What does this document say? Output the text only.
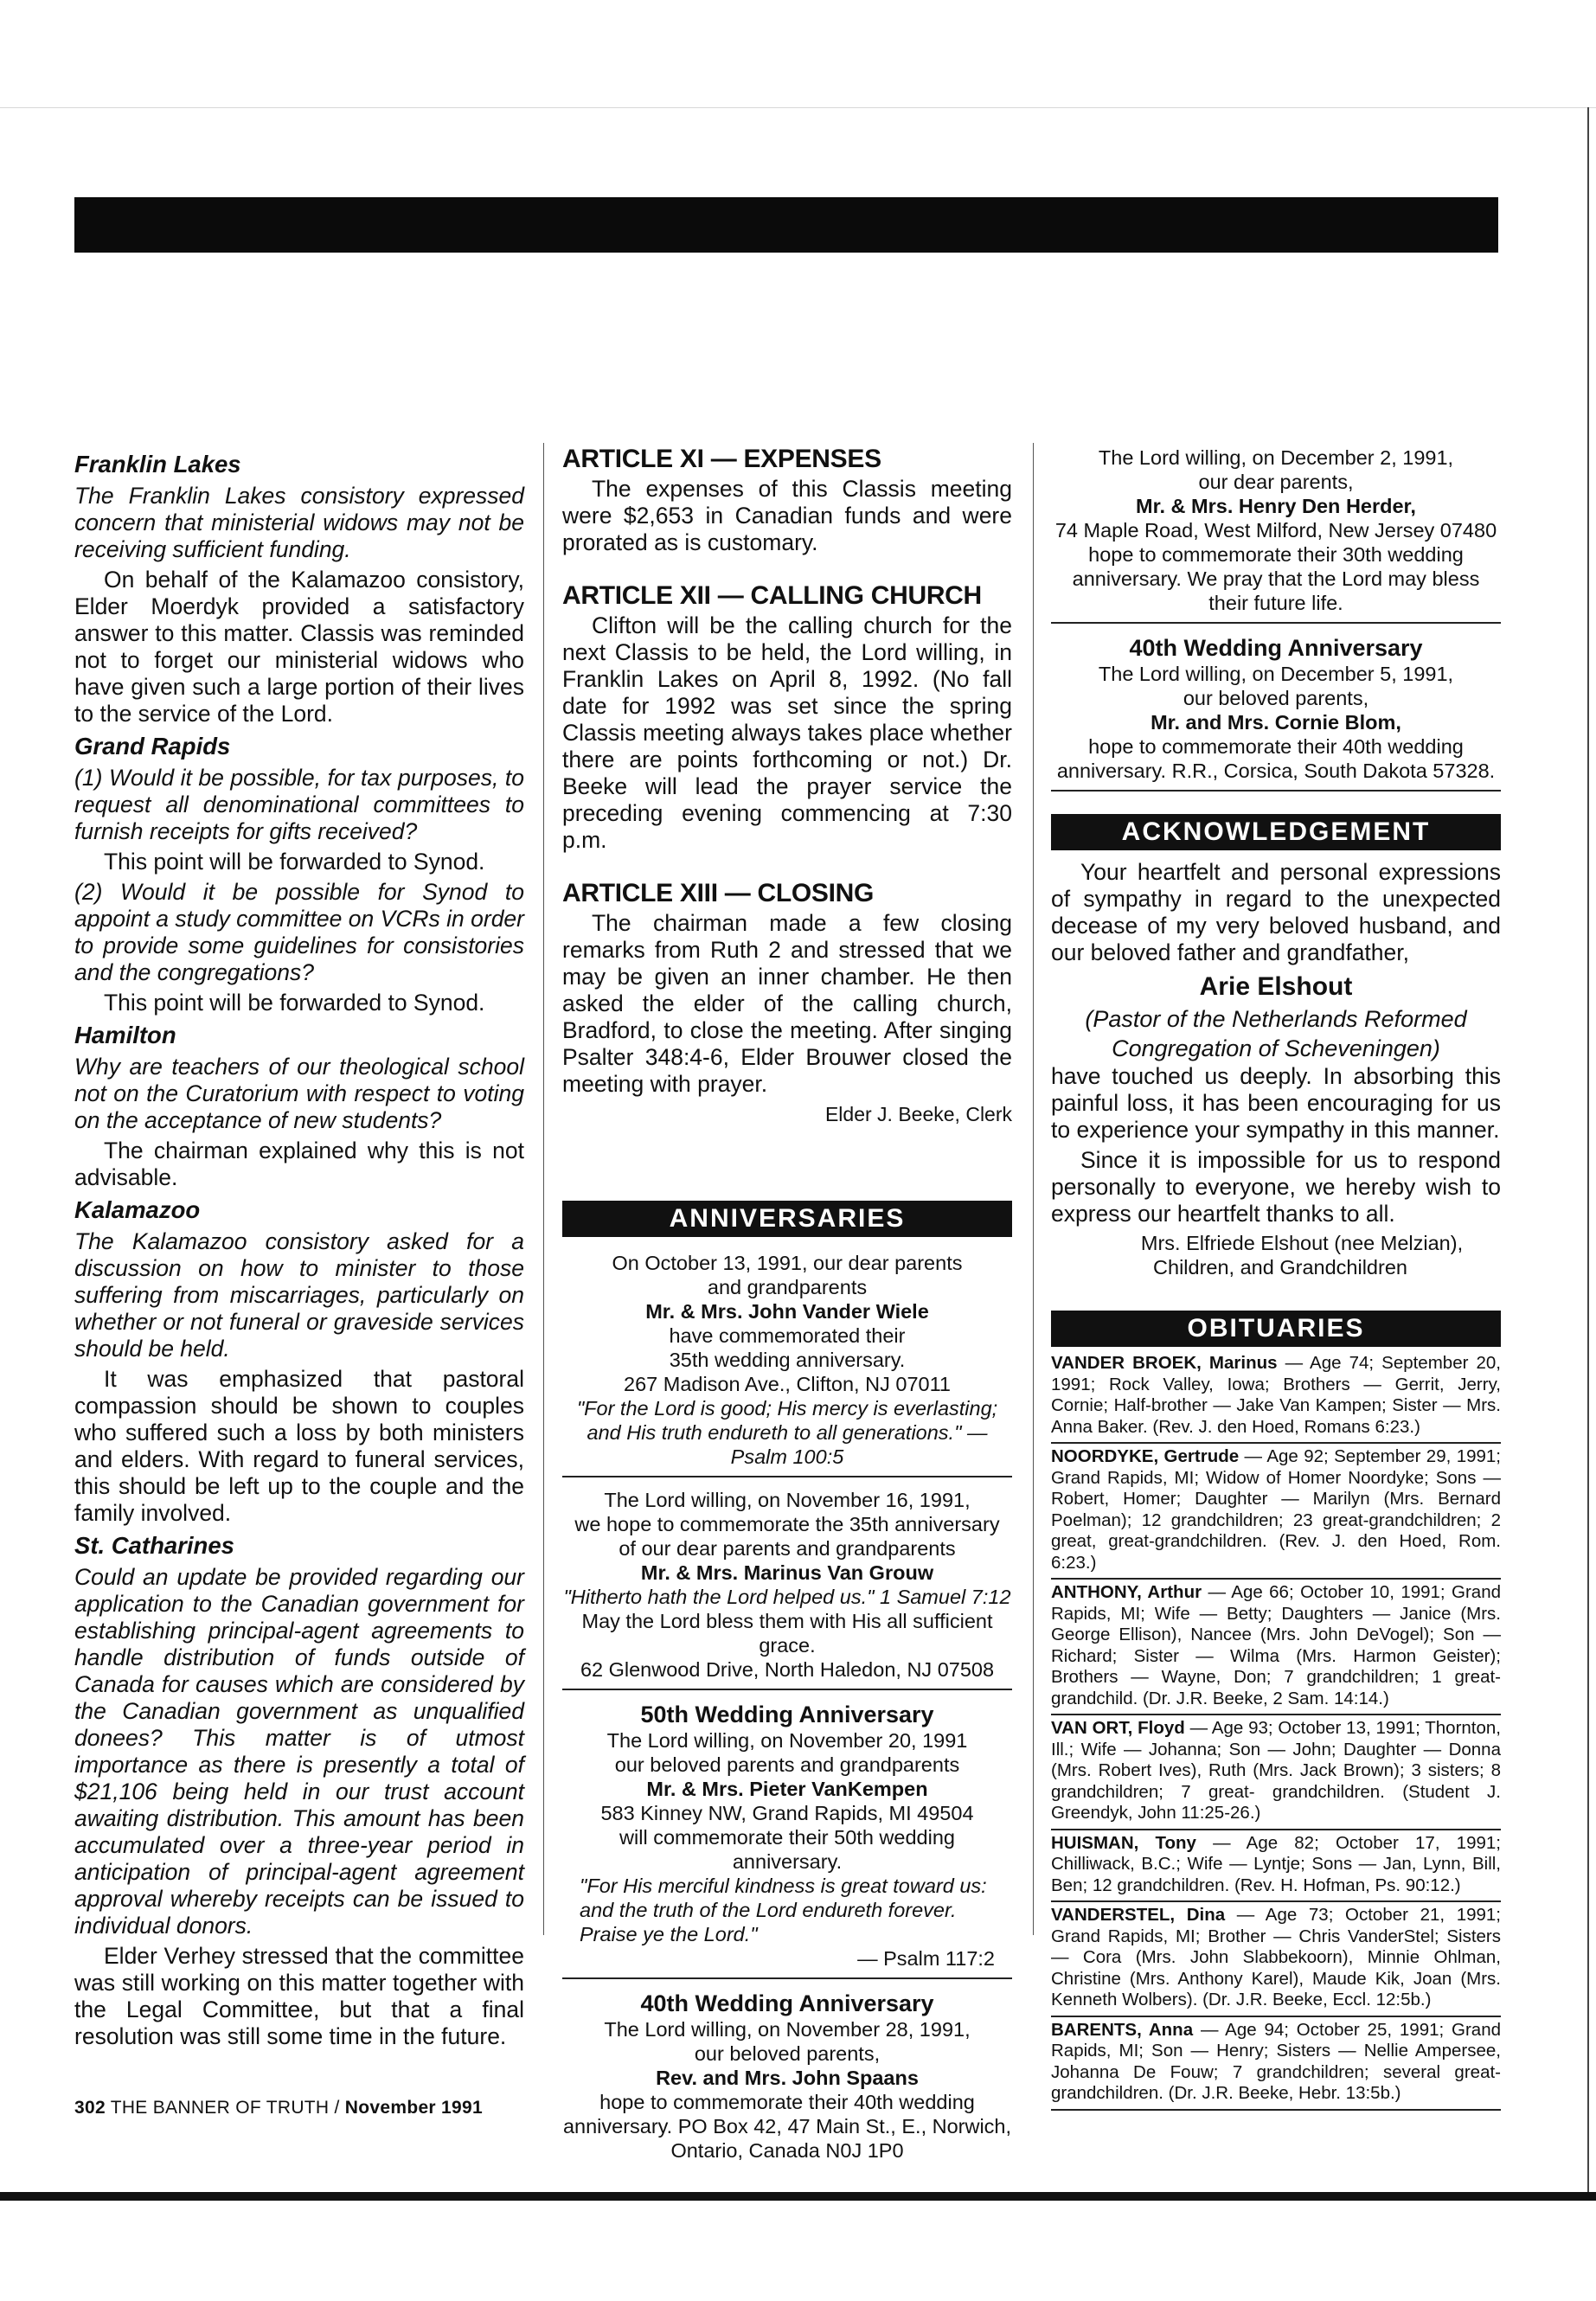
Franklin Lakes

The Franklin Lakes consistory expressed concern that ministerial widows may not be receiving sufficient funding.

On behalf of the Kalamazoo consistory, Elder Moerdyk provided a satisfactory answer to this matter. Classis was reminded not to forget our ministerial widows who have given such a large portion of their lives to the service of the Lord.

Grand Rapids

(1) Would it be possible, for tax purposes, to request all denominational committees to furnish receipts for gifts received?

This point will be forwarded to Synod.

(2) Would it be possible for Synod to appoint a study committee on VCRs in order to provide some guidelines for consistories and the congregations?

This point will be forwarded to Synod.

Hamilton

Why are teachers of our theological school not on the Curatorium with respect to voting on the acceptance of new students?

The chairman explained why this is not advisable.

Kalamazoo

The Kalamazoo consistory asked for a discussion on how to minister to those suffering from miscarriages, particularly on whether or not funeral or graveside services should be held.

It was emphasized that pastoral compassion should be shown to couples who suffered such a loss by both ministers and elders. With regard to funeral services, this should be left up to the couple and the family involved.

St. Catharines

Could an update be provided regarding our application to the Canadian government for establishing principal-agent agreements to handle distribution of funds outside of Canada for causes which are considered by the Canadian government as unqualified donees? This matter is of utmost importance as there is presently a total of $21,106 being held in our trust account awaiting distribution. This amount has been accumulated over a three-year period in anticipation of principal-agent agreement approval whereby receipts can be issued to individual donors.

Elder Verhey stressed that the committee was still working on this matter together with the Legal Committee, but that a final resolution was still some time in the future.

ARTICLE XI — EXPENSES

The expenses of this Classis meeting were $2,653 in Canadian funds and were prorated as is customary.

ARTICLE XII — CALLING CHURCH

Clifton will be the calling church for the next Classis to be held, the Lord willing, in Franklin Lakes on April 8, 1992. (No fall date for 1992 was set since the spring Classis meeting always takes place whether there are points forthcoming or not.) Dr. Beeke will lead the prayer service the preceding evening commencing at 7:30 p.m.

ARTICLE XIII — CLOSING

The chairman made a few closing remarks from Ruth 2 and stressed that we may be given an inner chamber. He then asked the elder of the calling church, Bradford, to close the meeting. After singing Psalter 348:4-6, Elder Brouwer closed the meeting with prayer.

Elder J. Beeke, Clerk

ANNIVERSARIES

On October 13, 1991, our dear parents

and grandparents

Mr. & Mrs. John Vander Wiele

have commemorated their

35th wedding anniversary.

267 Madison Ave., Clifton, NJ 07011

"For the Lord is good; His mercy is everlasting; and His truth endureth to all generations." — Psalm 100:5

The Lord willing, on November 16, 1991,

we hope to commemorate the 35th anniversary

of our dear parents and grandparents

Mr. & Mrs. Marinus Van Grouw

"Hitherto hath the Lord helped us." 1 Samuel 7:12

May the Lord bless them with His all sufficient grace.

62 Glenwood Drive, North Haledon, NJ 07508

50th Wedding Anniversary

The Lord willing, on November 20, 1991

our beloved parents and grandparents

Mr. & Mrs. Pieter VanKempen

583 Kinney NW, Grand Rapids, MI 49504

will commemorate their 50th wedding anniversary.

"For His merciful kindness is great toward us: and the truth of the Lord endureth forever. Praise ye the Lord."

— Psalm 117:2

40th Wedding Anniversary

The Lord willing, on November 28, 1991,

our beloved parents,

Rev. and Mrs. John Spaans

hope to commemorate their 40th wedding anniversary. PO Box 42, 47 Main St., E., Norwich, Ontario, Canada N0J 1P0

The Lord willing, on December 2, 1991,

our dear parents,

Mr. & Mrs. Henry Den Herder,

74 Maple Road, West Milford, New Jersey 07480

hope to commemorate their 30th wedding anniversary. We pray that the Lord may bless their future life.

40th Wedding Anniversary

The Lord willing, on December 5, 1991,

our beloved parents,

Mr. and Mrs. Cornie Blom,

hope to commemorate their 40th wedding anniversary. R.R., Corsica, South Dakota 57328.

ACKNOWLEDGEMENT

Your heartfelt and personal expressions of sympathy in regard to the unexpected decease of my very beloved husband, and our beloved father and grandfather,

Arie Elshout
(Pastor of the Netherlands Reformed Congregation of Scheveningen)

have touched us deeply. In absorbing this painful loss, it has been encouraging for us to experience your sympathy in this manner.

Since it is impossible for us to respond personally to everyone, we hereby wish to express our heartfelt thanks to all.

Mrs. Elfriede Elshout (nee Melzian),
Children, and Grandchildren
OBITUARIES
VANDER BROEK, Marinus — Age 74; September 20, 1991; Rock Valley, Iowa; Brothers — Gerrit, Jerry, Cornie; Half-brother — Jake Van Kampen; Sister — Mrs. Anna Baker. (Rev. J. den Hoed, Romans 6:23.)
NOORDYKE, Gertrude — Age 92; September 29, 1991; Grand Rapids, MI; Widow of Homer Noordyke; Sons — Robert, Homer; Daughter — Marilyn (Mrs. Bernard Poelman); 12 grandchildren; 23 great-grandchildren; 2 great, great-grandchildren. (Rev. J. den Hoed, Rom. 6:23.)
ANTHONY, Arthur — Age 66; October 10, 1991; Grand Rapids, MI; Wife — Betty; Daughters — Janice (Mrs. George Ellison), Nancee (Mrs. John DeVogel); Son — Richard; Sister — Wilma (Mrs. Harmon Geister); Brothers — Wayne, Don; 7 grandchildren; 1 great-grandchild. (Dr. J.R. Beeke, 2 Sam. 14:14.)
VAN ORT, Floyd — Age 93; October 13, 1991; Thornton, Ill.; Wife — Johanna; Son — John; Daughter — Donna (Mrs. Robert Ives), Ruth (Mrs. Jack Brown); 3 sisters; 8 grandchildren; 7 great- grandchildren. (Student J. Greendyk, John 11:25-26.)
HUISMAN, Tony — Age 82; October 17, 1991; Chilliwack, B.C.; Wife — Lyntje; Sons — Jan, Lynn, Bill, Ben; 12 grandchildren. (Rev. H. Hofman, Ps. 90:12.)
VANDERSTEL, Dina — Age 73; October 21, 1991; Grand Rapids, MI; Brother — Chris VanderStel; Sisters — Cora (Mrs. John Slabbekoorn), Minnie Ohlman, Christine (Mrs. Anthony Karel), Maude Kik, Joan (Mrs. Kenneth Wolbers). (Dr. J.R. Beeke, Eccl. 12:5b.)
BARENTS, Anna — Age 94; October 25, 1991; Grand Rapids, MI; Son — Henry; Sisters — Nellie Ampersee, Johanna De Fouw; 7 grandchildren; several great-grandchildren. (Dr. J.R. Beeke, Hebr. 13:5b.)
302 THE BANNER OF TRUTH / November 1991
